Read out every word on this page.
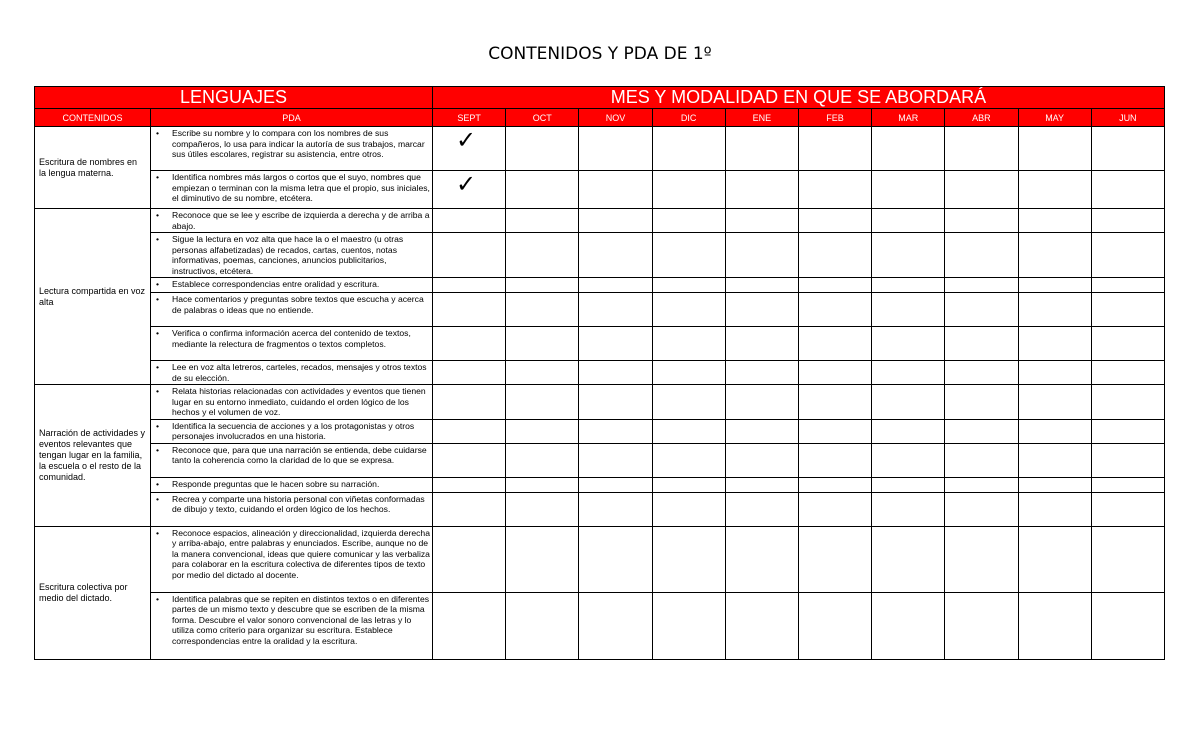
CONTENIDOS Y PDA DE 1º
LENGUAJES		MES Y MODALIDAD EN QUE SE ABORDARÁ									
CONTENIDOS	PDA	SEPT	OCT	NOV	DIC	ENE	FEB	MAR	ABR	MAY	JUN
Escritura de nombres en la lengua materna.	• Escribe su nombre y lo compara con los nombres de sus compañeros, lo usa para indicar la autoría de sus trabajos, marcar sus útiles escolares, registrar su asistencia, entre otros.	✓									

	• Identifica nombres más largos o cortos que el suyo, nombres que empiezan o terminan con la misma letra que el propio, sus iniciales, el diminutivo de su nombre, etcétera.	✓									
Lectura compartida en voz alta	• Reconoce que se lee y escribe de izquierda a derecha y de arriba a abajo.										

	• Sigue la lectura en voz alta que hace la o el maestro (u otras personas alfabetizadas) de recados, cartas, cuentos, notas informativas, poemas, canciones, anuncios publicitarios, instructivos, etcétera.										

	• Establece correspondencias entre oralidad y escritura.										

	• Hace comentarios y preguntas sobre textos que escucha y acerca de palabras o ideas que no entiende.										

	• Verifica o confirma información acerca del contenido de textos, mediante la relectura de fragmentos o textos completos.										

	• Lee en voz alta letreros, carteles, recados, mensajes y otros textos de su elección.										

Narración de actividades y eventos relevantes que tengan lugar en la familia, la escuela o el resto de la comunidad.	• Relata historias relacionadas con actividades y eventos que tienen lugar en su entorno inmediato, cuidando el orden lógico de los hechos y el volumen de voz.										

	• Identifica la secuencia de acciones y a los protagonistas y otros personajes involucrados en una historia.										

	• Reconoce que, para que una narración se entienda, debe cuidarse tanto la coherencia como la claridad de lo que se expresa.										

	• Responde preguntas que le hacen sobre su narración.										

	• Recrea y comparte una historia personal con viñetas conformadas de dibujo y texto, cuidando el orden lógico de los hechos.										

Escritura colectiva por medio del dictado.	• Reconoce espacios, alineación y direccionalidad, izquierda derecha y arriba-abajo, entre palabras y enunciados. Escribe, aunque no de la manera convencional, ideas que quiere comunicar y las verbaliza para colaborar en la escritura colectiva de diferentes tipos de texto por medio del dictado al docente.										

	• Identifica palabras que se repiten en distintos textos o en diferentes partes de un mismo texto y descubre que se escriben de la misma forma. Descubre el valor sonoro convencional de las letras y lo utiliza como criterio para organizar su escritura. Establece correspondencias entre la oralidad y la escritura.										
